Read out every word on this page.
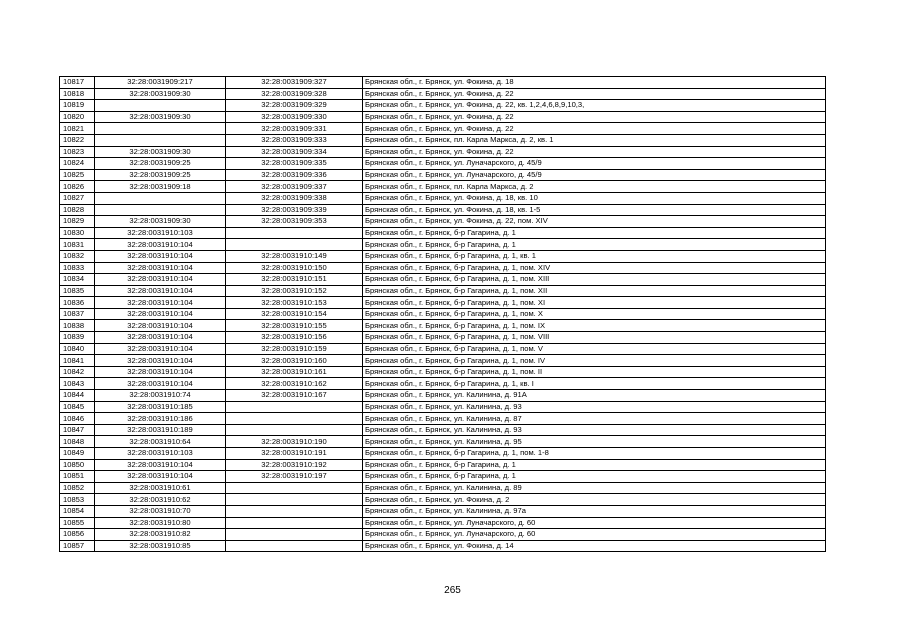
10817	32:28:0031909:217	32:28:0031909:327	Брянская обл., г. Брянск, ул. Фокина, д. 18
10818	32:28:0031909:30	32:28:0031909:328	Брянская обл., г. Брянск, ул. Фокина, д. 22
10819		32:28:0031909:329	Брянская обл., г. Брянск, ул. Фокина, д. 22, кв. 1,2,4,6,8,9,10,3,
10820	32:28:0031909:30	32:28:0031909:330	Брянская обл., г. Брянск, ул. Фокина, д. 22
10821		32:28:0031909:331	Брянская обл., г. Брянск, ул. Фокина, д. 22
10822		32:28:0031909:333	Брянская обл., г. Брянск, пл. Карла Маркса, д. 2, кв. 1
10823	32:28:0031909:30	32:28:0031909:334	Брянская обл., г. Брянск, ул. Фокина, д. 22
10824	32:28:0031909:25	32:28:0031909:335	Брянская обл., г. Брянск, ул. Луначарского, д. 45/9
10825	32:28:0031909:25	32:28:0031909:336	Брянская обл., г. Брянск, ул. Луначарского, д. 45/9
10826	32:28:0031909:18	32:28:0031909:337	Брянская обл., г. Брянск, пл. Карла Маркса, д. 2
10827		32:28:0031909:338	Брянская обл., г. Брянск, ул. Фокина, д. 18, кв. 10
10828		32:28:0031909:339	Брянская обл., г. Брянск, ул. Фокина, д. 18, кв. 1-5
10829	32:28:0031909:30	32:28:0031909:353	Брянская обл., г. Брянск, ул. Фокина, д. 22, пом. XIV
10830	32:28:0031910:103		Брянская обл., г. Брянск, б-р Гагарина, д. 1
10831	32:28:0031910:104		Брянская обл., г. Брянск, б-р Гагарина, д. 1
10832	32:28:0031910:104	32:28:0031910:149	Брянская обл., г. Брянск, б-р Гагарина, д. 1, кв. 1
10833	32:28:0031910:104	32:28:0031910:150	Брянская обл., г. Брянск, б-р Гагарина, д. 1, пом. XIV
10834	32:28:0031910:104	32:28:0031910:151	Брянская обл., г. Брянск, б-р Гагарина, д. 1, пом. XIII
10835	32:28:0031910:104	32:28:0031910:152	Брянская обл., г. Брянск, б-р Гагарина, д. 1, пом. XII
10836	32:28:0031910:104	32:28:0031910:153	Брянская обл., г. Брянск, б-р Гагарина, д. 1, пом. XI
10837	32:28:0031910:104	32:28:0031910:154	Брянская обл., г. Брянск, б-р Гагарина, д. 1, пом. X
10838	32:28:0031910:104	32:28:0031910:155	Брянская обл., г. Брянск, б-р Гагарина, д. 1, пом. IX
10839	32:28:0031910:104	32:28:0031910:156	Брянская обл., г. Брянск, б-р Гагарина, д. 1, пом. VIII
10840	32:28:0031910:104	32:28:0031910:159	Брянская обл., г. Брянск, б-р Гагарина, д. 1, пом. V
10841	32:28:0031910:104	32:28:0031910:160	Брянская обл., г. Брянск, б-р Гагарина, д. 1, пом. IV
10842	32:28:0031910:104	32:28:0031910:161	Брянская обл., г. Брянск, б-р Гагарина, д. 1, пом. II
10843	32:28:0031910:104	32:28:0031910:162	Брянская обл., г. Брянск, б-р Гагарина, д. 1, кв. I
10844	32:28:0031910:74	32:28:0031910:167	Брянская обл., г. Брянск, ул. Калинина, д. 91А
10845	32:28:0031910:185		Брянская обл., г. Брянск, ул. Калинина, д. 93
10846	32:28:0031910:186		Брянская обл., г. Брянск, ул. Калинина, д. 87
10847	32:28:0031910:189		Брянская обл., г. Брянск, ул. Калинина, д. 93
10848	32:28:0031910:64	32:28:0031910:190	Брянская обл., г. Брянск, ул. Калинина, д. 95
10849	32:28:0031910:103	32:28:0031910:191	Брянская обл., г. Брянск, б-р Гагарина, д. 1, пом. 1-8
10850	32:28:0031910:104	32:28:0031910:192	Брянская обл., г. Брянск, б-р Гагарина, д. 1
10851	32:28:0031910:104	32:28:0031910:197	Брянская обл., г. Брянск, б-р Гагарина, д. 1
10852	32:28:0031910:61		Брянская обл., г. Брянск, ул. Калинина, д. 89
10853	32:28:0031910:62		Брянская обл., г. Брянск, ул. Фокина, д. 2
10854	32:28:0031910:70		Брянская обл., г. Брянск, ул. Калинина, д. 97а
10855	32:28:0031910:80		Брянская обл., г. Брянск, ул. Луначарского, д. 60
10856	32:28:0031910:82		Брянская обл., г. Брянск, ул. Луначарского, д. 60
10857	32:28:0031910:85		Брянская обл., г. Брянск, ул. Фокина, д. 14
265
